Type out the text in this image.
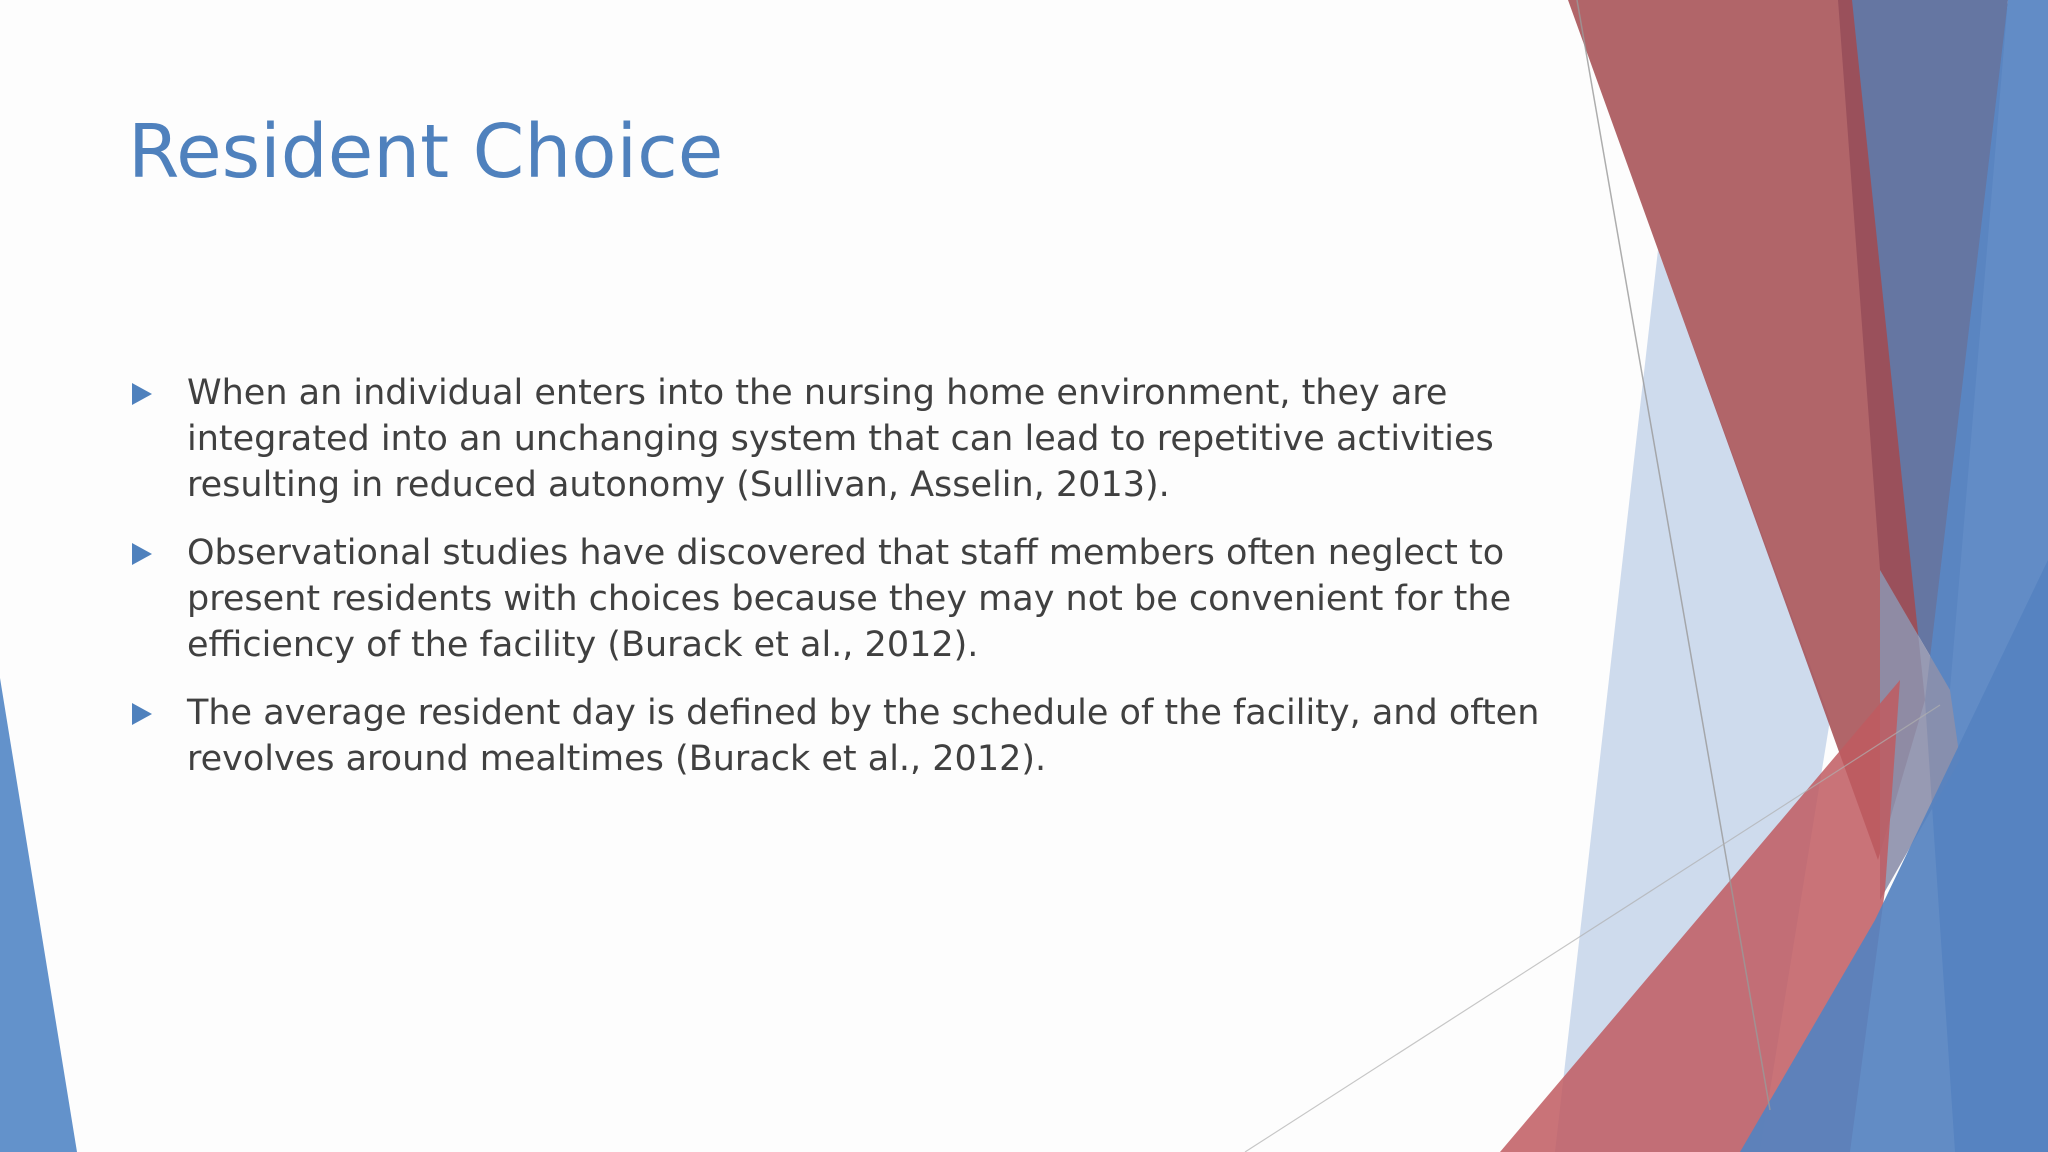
Resident Choice
When an individual enters into the nursing home environment, they are integrated into an unchanging system that can lead to repetitive activities resulting in reduced autonomy (Sullivan, Asselin, 2013).
Observational studies have discovered that staff members often neglect to present residents with choices because they may not be convenient for the efficiency of the facility (Burack et al., 2012).
The average resident day is defined by the schedule of the facility, and often revolves around mealtimes (Burack et al., 2012).
